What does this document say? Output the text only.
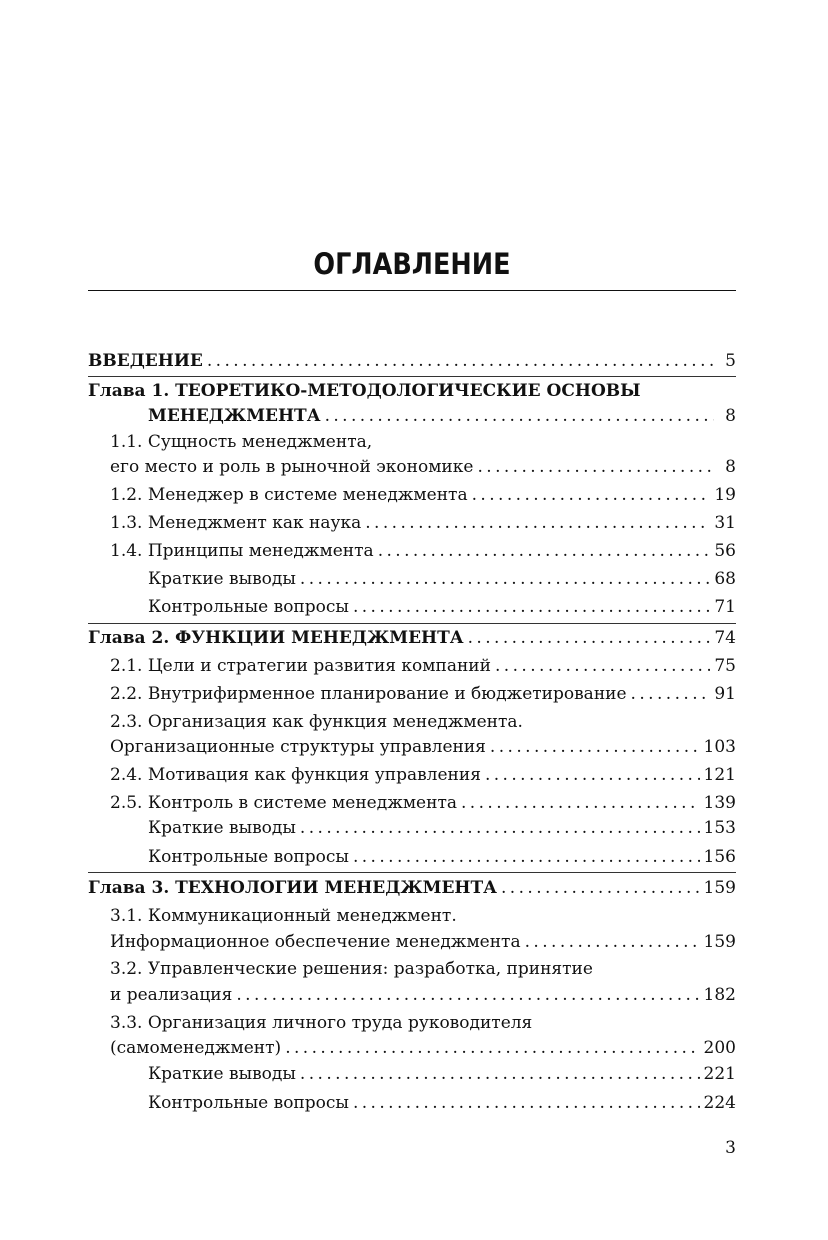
ОГЛАВЛЕНИЕ
ВВЕДЕНИЕ . . .	5
Глава 1. ТЕОРЕТИКО-МЕТОДОЛОГИЧЕСКИЕ ОСНОВЫ
МЕНЕДЖМЕНТА . . .	8
1.1. Сущность менеджмента,
его место и роль в рыночной экономике . . .	8
1.2. Менеджер в системе менеджмента . . .	19
1.3. Менеджмент как наука . . .	31
1.4. Принципы менеджмента . . .	56
Краткие выводы . . .	68
Контрольные вопросы . . .	71
Глава 2. ФУНКЦИИ МЕНЕДЖМЕНТА . . .	74
2.1. Цели и стратегии развития компаний . . .	75
2.2. Внутрифирменное планирование и бюджетирование . . .	91
2.3. Организация как функция менеджмента.
Организационные структуры управления . . .	103
2.4. Мотивация как функция управления . . .	121
2.5. Контроль в системе менеджмента . . .	139
Краткие выводы . . .	153
Контрольные вопросы . . .	156
Глава 3. ТЕХНОЛОГИИ МЕНЕДЖМЕНТА . . .	159
3.1. Коммуникационный менеджмент.
Информационное обеспечение менеджмента . . .	159
3.2. Управленческие решения: разработка, принятие
и реализация . . .	182
3.3. Организация личного труда руководителя
(самоменеджмент) . . .	200
Краткие выводы . . .	221
Контрольные вопросы . . .	224
3
